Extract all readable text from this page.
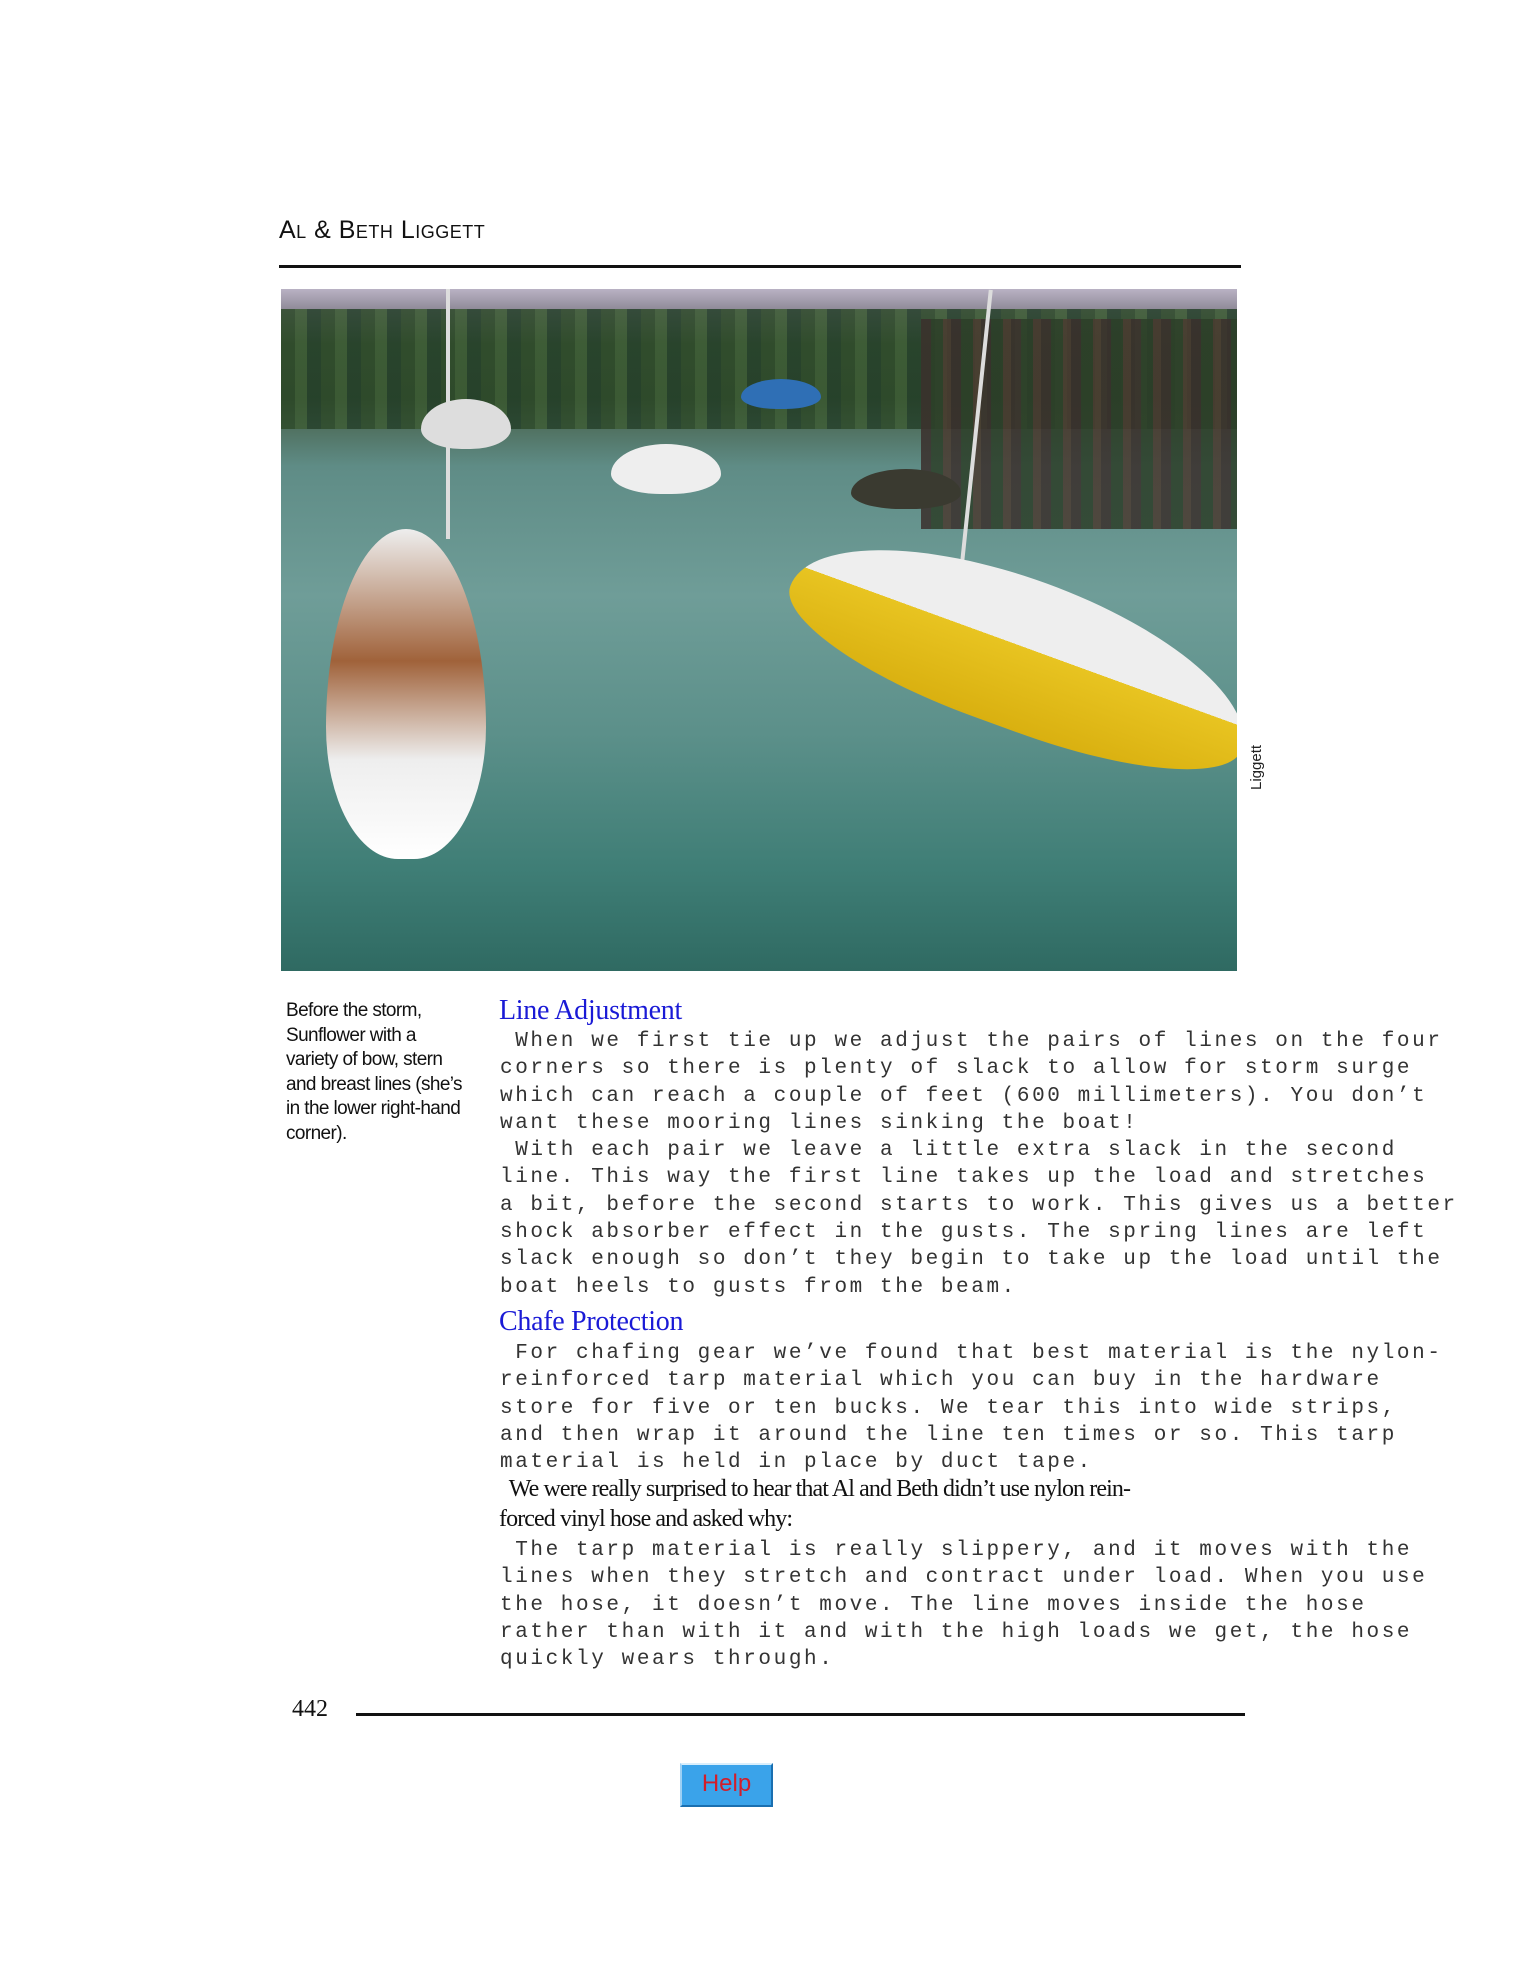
Al & Beth Liggett
Liggett
Before the storm, Sunflower with a variety of bow, stern and breast lines (she’s in the lower right-hand corner).
Line Adjustment
When we first tie up we adjust the pairs of lines on the four
corners so there is plenty of slack to allow for storm surge
which can reach a couple of feet (600 millimeters). You don’t
want these mooring lines sinking the boat!
With each pair we leave a little extra slack in the second
line. This way the first line takes up the load and stretches
a bit, before the second starts to work. This gives us a better
shock absorber effect in the gusts. The spring lines are left
slack enough so don’t they begin to take up the load until the
boat heels to gusts from the beam.
Chafe Protection
For chafing gear we’ve found that best material is the nylon-
reinforced tarp material which you can buy in the hardware
store for five or ten bucks. We tear this into wide strips,
and then wrap it around the line ten times or so. This tarp
material is held in place by duct tape.
We were really surprised to hear that Al and Beth didn’t use nylon rein-
forced vinyl hose and asked why:
The tarp material is really slippery, and it moves with the
lines when they stretch and contract under load. When you use
the hose, it doesn’t move. The line moves inside the hose
rather than with it and with the high loads we get, the hose
quickly wears through.
442
Help
